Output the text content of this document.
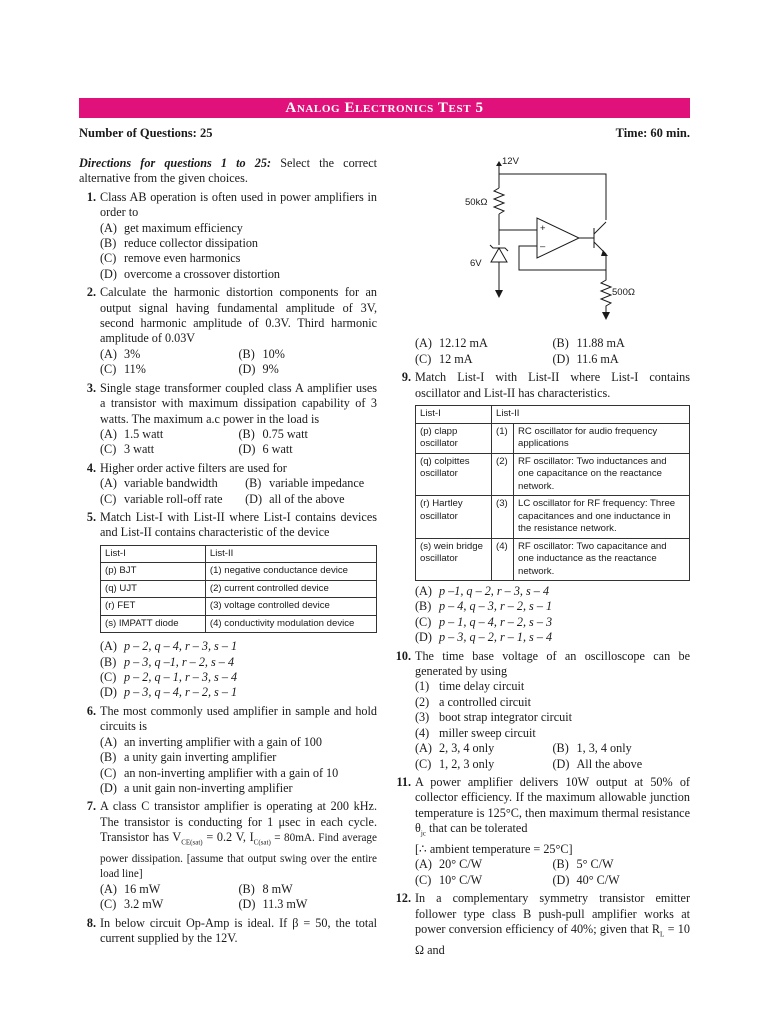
Analog Electronics Test 5
Number of Questions: 25	Time: 60 min.
Directions for questions 1 to 25: Select the correct alternative from the given choices.
1. Class AB operation is often used in power amplifiers in order to
(A) get maximum efficiency
(B) reduce collector dissipation
(C) remove even harmonics
(D) overcome a crossover distortion
2. Calculate the harmonic distortion components for an output signal having fundamental amplitude of 3V, second harmonic amplitude of 0.3V. Third harmonic amplitude of 0.03V
(A) 3%	(B) 10%
(C) 11%	(D) 9%
3. Single stage transformer coupled class A amplifier uses a transistor with maximum dissipation capability of 3 watts. The maximum a.c power in the load is
(A) 1.5 watt	(B) 0.75 watt
(C) 3 watt	(D) 6 watt
4. Higher order active filters are used for
(A) variable bandwidth (B) variable impedance
(C) variable roll-off rate (D) all of the above
5. Match List-I with List-II where List-I contains devices and List-II contains characteristic of the device
List-I	List-II
(p) BJT	(1) negative conductance device
(q) UJT	(2) current controlled device
(r) FET	(3) voltage controlled device
(s) IMPATT diode	(4) conductivity modulation device
(A) p – 2, q – 4, r – 3, s – 1
(B) p – 3, q –1, r – 2, s – 4
(C) p – 2, q – 1, r – 3, s – 4
(D) p – 3, q – 4, r – 2, s – 1
6. The most commonly used amplifier in sample and hold circuits is
(A) an inverting amplifier with a gain of 100
(B) a unity gain inverting amplifier
(C) an non-inverting amplifier with a gain of 10
(D) a unit gain non-inverting amplifier
7. A class C transistor amplifier is operating at 200 kHz. The transistor is conducting for 1 μsec in each cycle. Transistor has $V_{CE(sat)} = 0.2$ V, $I_{C(sat)} = 80mA$. Find average power dissipation. [assume that output swing over the entire load line]
(A) 16 mW	(B) 8 mW
(C) 3.2 mW	(D) 11.3 mW
8. In below circuit Op-Amp is ideal. If β = 50, the total current supplied by the 12V.
12V
50kΩ
6V
500Ω
+
–
(A) 12.12 mA	(B) 11.88 mA
(C) 12 mA	(D) 11.6 mA
9. Match List-I with List-II where List-I contains oscillator and List-II has characteristics.
List-I	List-II	
(p) clapp oscillator	(1)	RC oscillator for audio frequency applications
(q) colpittes oscillator	(2)	RF oscillator: Two inductances and one capacitance on the reactance network.
(r) Hartley oscillator	(3)	LC oscillator for RF frequency: Three capacitances and one inductance in the resistance network.
(s) wein bridge oscillator	(4)	RF oscillator: Two capacitance and one inductance as the reactance network.
(A) p –1, q – 2, r – 3, s – 4
(B) p – 4, q – 3, r – 2, s – 1
(C) p – 1, q – 4, r – 2, s – 3
(D) p – 3, q – 2, r – 1, s – 4
10. The time base voltage of an oscilloscope can be generated by using
(1) time delay circuit
(2) a controlled circuit
(3) boot strap integrator circuit
(4) miller sweep circuit
(A) 2, 3, 4 only	(B) 1, 3, 4 only
(C) 1, 2, 3 only	(D) All the above
11. A power amplifier delivers 10W output at 50% of collector efficiency. If the maximum allowable junction temperature is 125°C, then maximum thermal resistance $\theta_{jc}$ that can be tolerated
[∴ ambient temperature = 25°C]
(A) 20° C/W	(B) 5° C/W
(C) 10° C/W	(D) 40° C/W
12. In a complementary symmetry transistor emitter follower type class B push-pull amplifier works at power conversion efficiency of 40%; given that $R_L = 10$ Ω and
